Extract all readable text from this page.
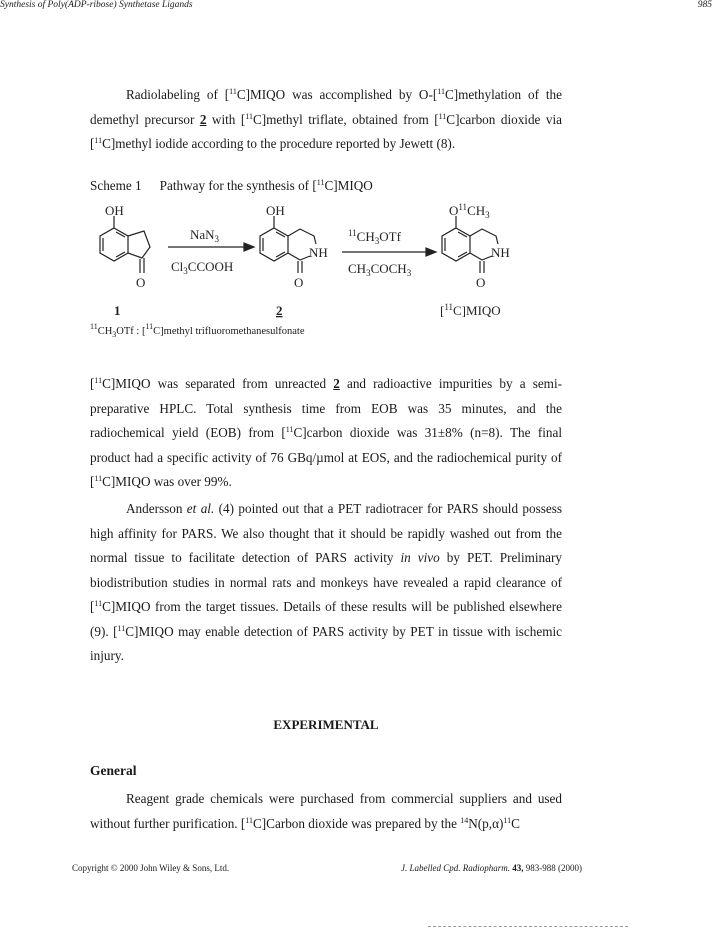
Synthesis of Poly(ADP-ribose) Synthetase Ligands	985

Radiolabeling of [$^{11}$C]MIQO was accomplished by O-[$^{11}$C]methylation of the demethyl precursor 2 with [$^{11}$C]methyl triflate, obtained from [$^{11}$C]carbon dioxide via [$^{11}$C]methyl iodide according to the procedure reported by Jewett (8).

Scheme 1 Pathway for the synthesis of [$^{11}$C]MIQO
OH
O
1
NaN$_3$
$Cl_3CCOOH$
OH
NH
O
2
$^{11}CH_3OTf$
$CH_3COCH_3$
$O^{11}CH_3$
NH
O
[$^{11}$C]MIQO
$^{11}CH_3OTf$ : [$^{11}$C]methyl trifluoromethanesulfonate

[$^{11}$C]MIQO was separated from unreacted 2 and radioactive impurities by a semi-preparative HPLC. Total synthesis time from EOB was 35 minutes, and the radiochemical yield (EOB) from [$^{11}$C]carbon dioxide was 31±8% (n=8). The final product had a specific activity of 76 GBq/µmol at EOS, and the radiochemical purity of [$^{11}$C]MIQO was over 99%.

Andersson et al. (4) pointed out that a PET radiotracer for PARS should possess high affinity for PARS. We also thought that it should be rapidly washed out from the normal tissue to facilitate detection of PARS activity in vivo by PET. Preliminary biodistribution studies in normal rats and monkeys have revealed a rapid clearance of [$^{11}$C]MIQO from the target tissues. Details of these results will be published elsewhere (9). [$^{11}$C]MIQO may enable detection of PARS activity by PET in tissue with ischemic injury.

EXPERIMENTAL
General

Reagent grade chemicals were purchased from commercial suppliers and used without further purification. [$^{11}$C]Carbon dioxide was prepared by the $^{14}N(p,\alpha)^{11}C$

Copyright © 2000 John Wiley & Sons, Ltd.	J. Labelled Cpd. Radiopharm. 43, 983-988 (2000)
